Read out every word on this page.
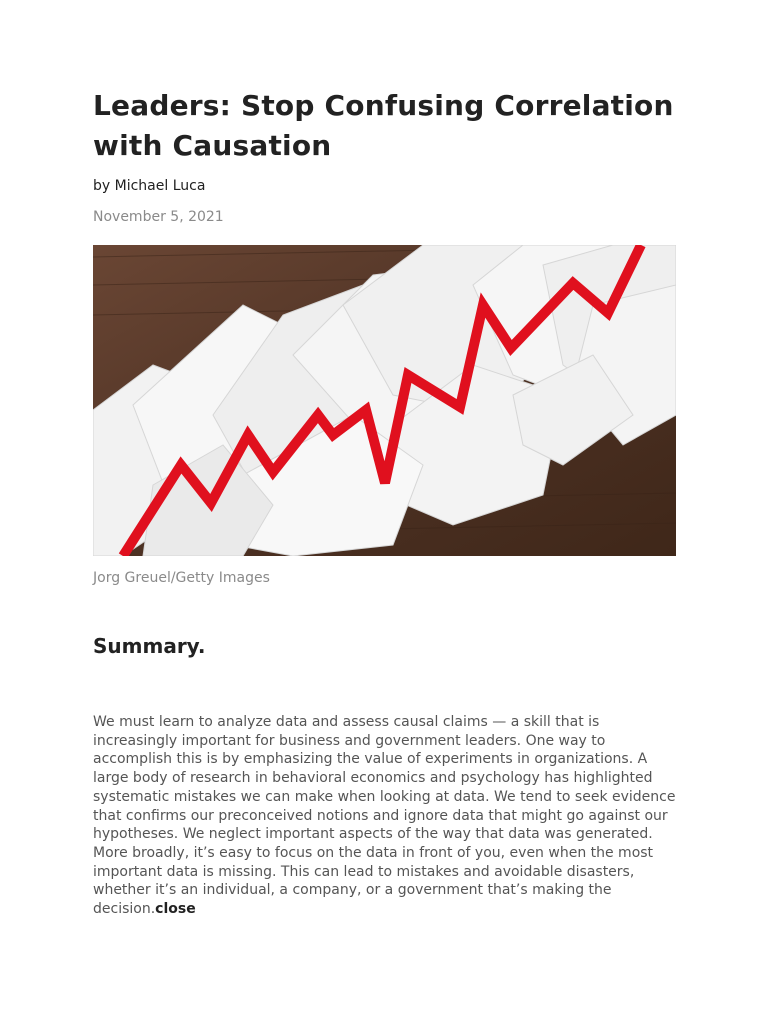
Leaders: Stop Confusing Correlation with Causation
by Michael Luca
November 5, 2021
Jorg Greuel/Getty Images
Summary.
We must learn to analyze data and assess causal claims — a skill that is increasingly important for business and government leaders. One way to accomplish this is by emphasizing the value of experiments in organizations. A large body of research in behavioral economics and psychology has highlighted systematic mistakes we can make when looking at data. We tend to seek evidence that confirms our preconceived notions and ignore data that might go against our hypotheses. We neglect important aspects of the way that data was generated. More broadly, it’s easy to focus on the data in front of you, even when the most important data is missing. This can lead to mistakes and avoidable disasters, whether it’s an individual, a company, or a government that’s making the decision.close
